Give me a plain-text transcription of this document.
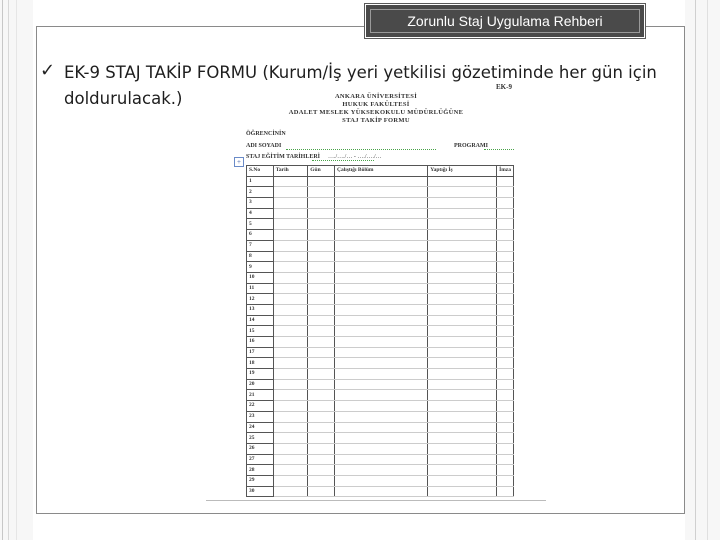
Zorunlu Staj Uygulama Rehberi
✓ EK-9 STAJ TAKİP FORMU (Kurum/İş yeri yetkilisi gözetiminde her gün için doldurulacak.)
EK-9
ANKARA ÜNİVERSİTESİ
HUKUK FAKÜLTESİ
ADALET MESLEK YÜKSEKOKULU MÜDÜRLÜĞÜNE
STAJ TAKİP FORMU
ÖĞRENCİNİN
ADI SOYADI	PROGRAMI
+
STAJ EĞİTİM TARİHLERİ …./…./… - …./…./…
S.No	Tarih	Gün	Çalıştığı Bölüm	Yaptığı İş	İmza
1					
2					
3					
4					
5					
6					
7					
8					
9					
10					
11					
12					
13					
14					
15					
16					
17					
18					
19					
20					
21					
22					
23					
24					
25					
26					
27					
28					
29					
30					
